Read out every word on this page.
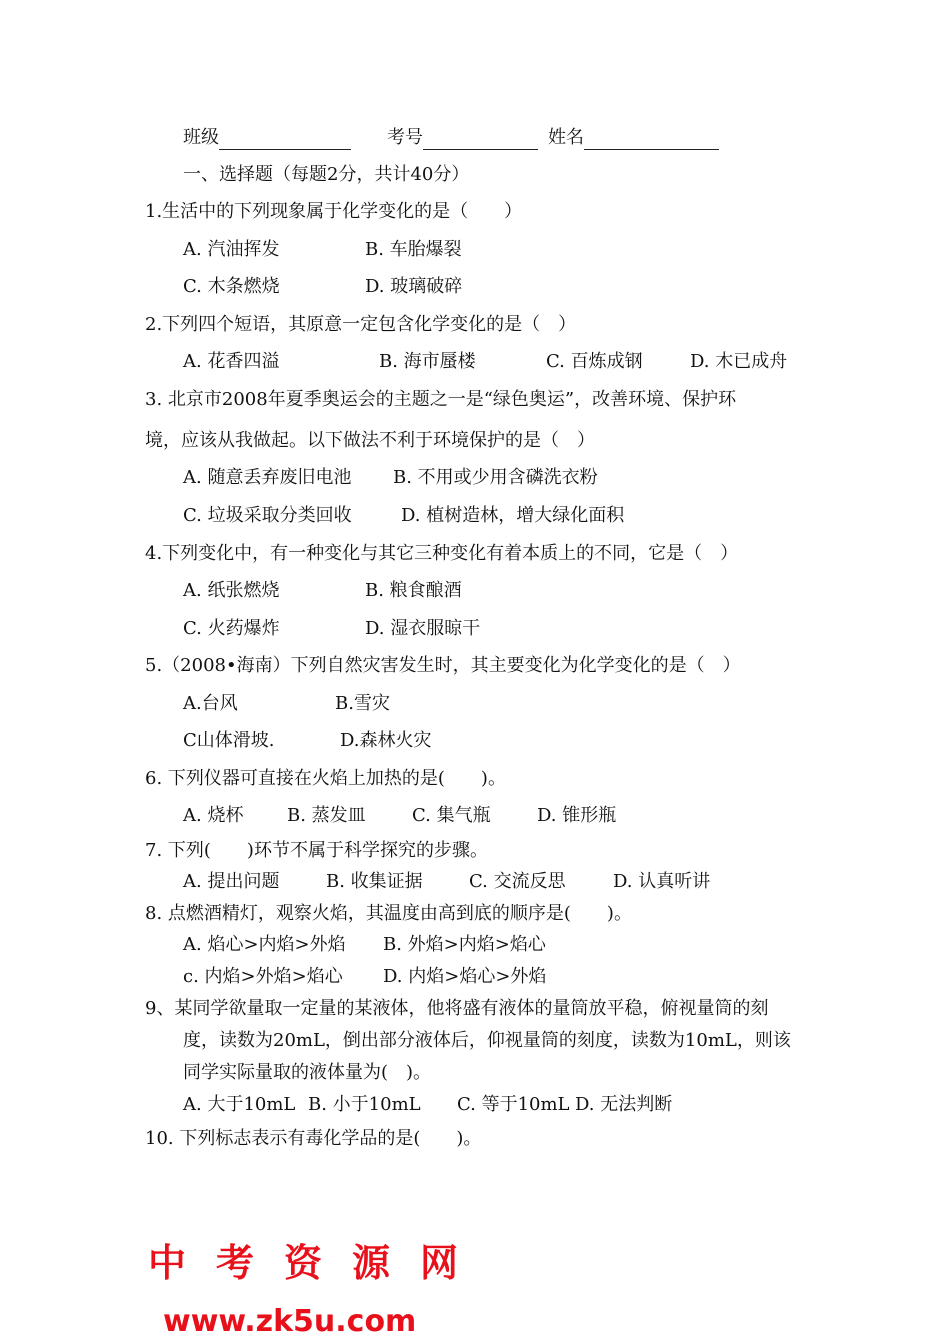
班级	考号	姓名
一、选择题（每题2分，共计40分）
1.生活中的下列现象属于化学变化的是（　　）
A. 汽油挥发	B. 车胎爆裂
C. 木条燃烧	D. 玻璃破碎
2.下列四个短语，其原意一定包含化学变化的是（　）
A. 花香四溢	B. 海市蜃楼	C. 百炼成钢	D. 木已成舟
3. 北京市2008年夏季奥运会的主题之一是“绿色奥运”，改善环境、保护环
境，应该从我做起。以下做法不利于环境保护的是（　）
A. 随意丢弃废旧电池 B. 不用或少用含磷洗衣粉
C. 垃圾采取分类回收	D. 植树造林，增大绿化面积
4.下列变化中，有一种变化与其它三种变化有着本质上的不同，它是（　）
A. 纸张燃烧	B. 粮食酿酒
C. 火药爆炸	D. 湿衣服晾干
5.（2008•海南）下列自然灾害发生时，其主要变化为化学变化的是（　）
A.台风	B.雪灾
C山体滑坡.	D.森林火灾
6. 下列仪器可直接在火焰上加热的是(　　)。
A. 烧杯 B. 蒸发皿	C. 集气瓶	D. 锥形瓶
7. 下列(　　)环节不属于科学探究的步骤。
A. 提出问题	B. 收集证据	C. 交流反思	D. 认真听讲
8. 点燃酒精灯，观察火焰，其温度由高到底的顺序是(　　)。
A. 焰心>内焰>外焰 B. 外焰>内焰>焰心
c. 内焰>外焰>焰心 D. 内焰>焰心>外焰
9、某同学欲量取一定量的某液体，他将盛有液体的量筒放平稳，俯视量筒的刻
度，读数为20mL，倒出部分液体后，仰视量筒的刻度，读数为10mL，则该
同学实际量取的液体量为(　)。
A. 大于10mL B. 小于10mL C. 等于10mL D. 无法判断
10. 下列标志表示有毒化学品的是(　　)。
中考资源网
www.zk5u.com
